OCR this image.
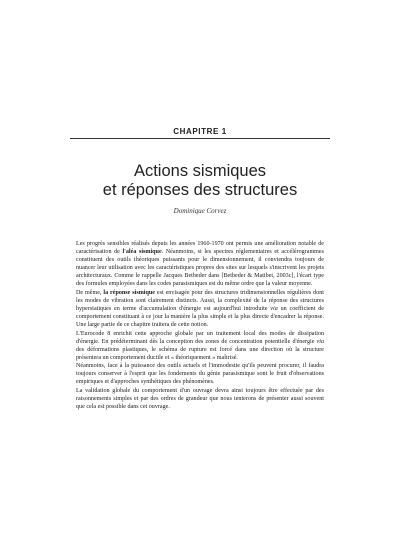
CHAPITRE 1
Actions sismiques
et réponses des structures
Dominique Corvez

Les progrès sensibles réalisés depuis les années 1960-1970 ont permis une amélioration notable de caractérisation de l'aléa sismique. Néanmoins, si les spectres réglementaires et accélérogrammes constituent des outils théoriques puissants pour le dimensionnement, il conviendra toujours de nuancer leur utilisation avec les caractéristiques propres des sites sur lesquels s'inscrivent les projets architecturaux. Comme le rappelle Jacques Betbeder dans [Betbeder & Matibet, 2003c], l'écart type des formules employées dans les codes parasismiques est du même ordre que la valeur moyenne.

De même, la réponse sismique est envisagée pour des structures tridimensionnelles régulières dont les modes de vibration sont clairement distincts. Aussi, la complexité de la réponse des structures hyperstatiques en terme d'accumulation d'énergie est aujourd'hui introduite via un coefficient de comportement constituant à ce jour la manière la plus simple et la plus directe d'encadrer la réponse. Une large partie de ce chapitre traitera de cette notion.

L'Eurocode 8 enrichit cette approche globale par un traitement local des modes de dissipation d'énergie. En prédéterminant dès la conception des zones de concentration potentielle d'énergie via des déformations plastiques, le schéma de rupture est forcé dans une direction où la structure présentera un comportement ductile et « théoriquement » maîtrisé.

Néanmoins, face à la puissance des outils actuels et l'immodestie qu'ils peuvent procurer, il faudra toujours conserver à l'esprit que les fondements du génie parasismique sont le fruit d'observations empiriques et d'approches synthétiques des phénomènes.

La validation globale du comportement d'un ouvrage devra ainsi toujours être effectuée par des raisonnements simples et par des ordres de grandeur que nous tenterons de présenter aussi souvent que cela est possible dans cet ouvrage.
